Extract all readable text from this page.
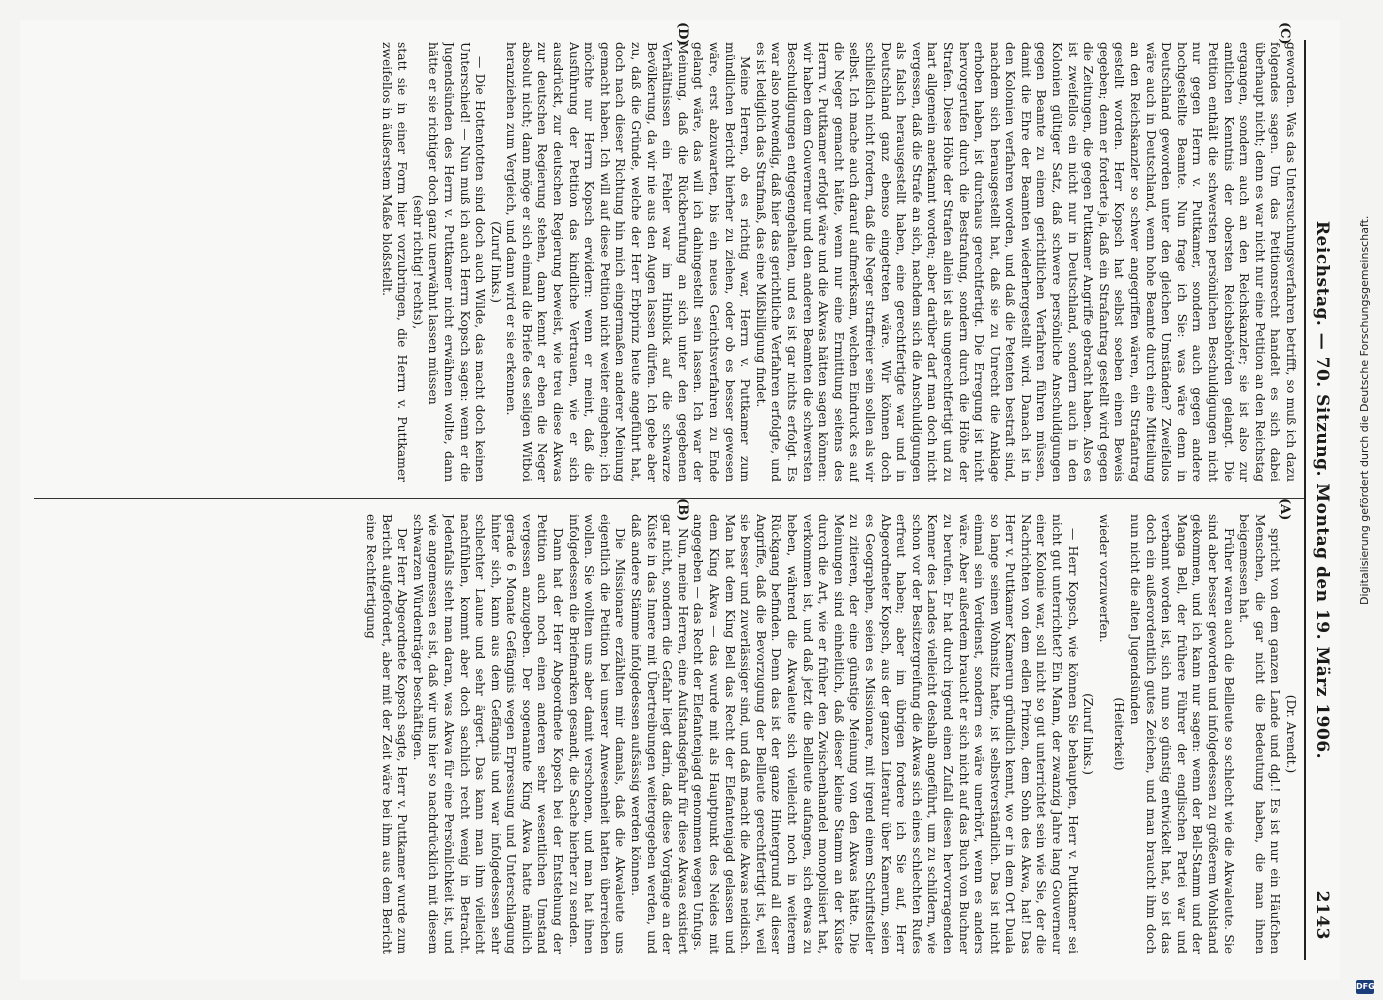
Reichstag. — 70. Sitzung. Montag den 19. März 1906.
2143
(A)
(B)
(C)
(D)

(Dr. Arendt.)

spricht von dem ganzen Lande und dgl.! Es ist nur ein Häufchen Menschen, die gar nicht die Bedeutung haben, die man ihnen beigemessen hat.

Früher waren auch die Bellleute so schlecht wie die Akwaleute. Sie sind aber besser geworden und infolgedessen zu größerem Wohlstand gekommen, und ich kann nur sagen: wenn der Bell-Stamm und der Manga Bell, der frühere Führer der englischen Partei war und verbannt worden ist, sich nun so günstig entwickelt hat, so ist das doch ein außerordentlich gutes Zeichen, und man braucht ihm doch nun nicht die alten Jugendsünden

(Heiterkeit)

wieder vorzuwerfen.

(Zuruf links.)

— Herr Kopsch, wie können Sie behaupten, Herr v. Puttkamer sei nicht gut unterrichtet? Ein Mann, der zwanzig Jahre lang Gouverneur einer Kolonie war, soll nicht so gut unterrichtet sein wie Sie, der die Nachrichten von dem edlen Prinzen, dem Sohn des Akwa, hat! Das Herr v. Puttkamer Kamerun gründlich kennt, wo er in dem Ort Duala so lange seinen Wohnsitz hatte, ist selbstverständlich. Das ist nicht einmal sein Verdienst, sondern es wäre unerhört, wenn es anders wäre. Aber außerdem braucht er sich nicht auf das Buch von Buchner zu berufen. Er hat durch irgend einen Zufall diesen hervorragenden Kenner des Landes vielleicht deshalb angeführt, um zu schildern, wie schon vor der Besitzergreifung die Akwas sich eines schlechten Rufes erfreut haben; aber im übrigen fordere ich Sie auf, Herr Abgeordneter Kopsch, aus der ganzen Literatur über Kamerun, seien es Geographen, seien es Missionare, mit irgend einem Schriftsteller zu zitieren, der eine günstige Meinung von den Akwas hätte. Die Meinungen sind einheitlich, daß dieser kleine Stamm an der Küste durch die Art, wie er früher den Zwischenhandel monopolisiert hat, verkommen ist, und daß jetzt die Bellleute aufangen, sich etwas zu heben, während die Akwaleute sich vielleicht noch in weiterem Rückgang befinden. Denn das ist der ganze Hintergrund all dieser Angriffe, daß die Bevorzugung der Bellleute gerechtfertigt ist, weil sie besser und zuverlässiger sind, und daß macht die Akwas neidisch. Man hat dem King Bell das Recht der Elefantenjagd gelassen und dem King Akwa — das wurde mit als Hauptpunkt des Neides mit angegeben — das Recht der Elefantenjagd genommen wegen Unfugs.

Nun, meine Herren, eine Aufstandsgefahr für diese Akwas existiert gar nicht, sondern die Gefahr liegt darin, daß diese Vorgänge an der Küste in das Innere mit Übertreibungen weitergegeben werden, und daß andere Stämme infolgedessen aufsässig werden können.

Die Missionare erzählten mir damals, daß die Akwaleute uns eigentlich die Petition bei unserer Anwesenheit hatten überreichen wollen. Sie wollten uns aber damit verschonen, und man hat ihnen infolgedessen die Briefmarken gesandt, die Sache hierher zu senden.

Dann hat der Herr Abgeordnete Kopsch bei der Entstehung der Petition auch noch einen anderen sehr wesentlichen Umstand vergessen anzugeben. Der sogenannte King Akwa hatte nämlich gerade 6 Monate Gefängnis wegen Erpressung und Unterschlagung hinter sich, kann aus dem Gefängnis und war infolgedessen sehr schlechter Laune und sehr ärgert. Das kann man ihm vielleicht nachfühlen, kommt aber doch sachlich recht wenig in Betracht. Jedenfalls steht man daran, was Akwa für eine Persönlichkeit ist, und wie angemessen es ist, daß wir uns hier so nachdrücklich mit diesem schwarzen Würdenträger beschäftigen.

Der Herr Abgeordnete Kopsch sagte, Herr v. Puttkamer wurde zum Bericht aufgefordert, aber mit der Zeit wäre bei ihm aus dem Bericht eine Rechtfertigung

geworden. Was das Untersuchungsverfahren betrifft, so muß ich dazu folgendes sagen. Um das Petitionsrecht handelt es sich dabei überhaupt nicht; denn es war nicht nur eine Petition an den Reichstag ergangen, sondern auch an den Reichskanzler; sie ist also zur amtlichen Kenntnis der obersten Reichsbehörden gelangt. Die Petition enthält die schwersten persönlichen Beschuldigungen nicht nur gegen Herrn v. Puttkamer, sondern auch gegen andere hochgestellte Beamte. Nun frage ich Sie: was wäre denn in Deutschland geworden unter den gleichen Umständen? Zweifellos wäre auch in Deutschland, wenn hohe Beamte durch eine Mitteilung an den Reichskanzler so schwer angegriffen wären, ein Strafantrag gestellt worden. Herr Kopsch hat selbst soeben einen Beweis gegeben; denn er forderte ja, daß ein Strafantrag gestellt wird gegen die Zeitungen, die gegen Puttkamer Angriffe gebracht haben. Also es ist zweifellos ein nicht nur in Deutschland, sondern auch in den Kolonien gültiger Satz, daß schwere persönliche Anschuldigungen gegen Beamte zu einem gerichtlichen Verfahren führen müssen, damit die Ehre der Beamten wiederhergestellt wird. Danach ist in den Kolonien verfahren worden, und daß die Petenten bestraft sind, nachdem sich herausgestellt hat, daß sie zu Unrecht die Anklage erhoben haben, ist durchaus gerechtfertigt. Die Erregung ist nicht hervorgerufen durch die Bestrafung, sondern durch die Höhe der Strafen. Diese Höhe der Strafen allein ist als ungerechtfertigt und zu hart allgemein anerkannt worden; aber darüber darf man doch nicht vergessen, daß die Strafe an sich, nachdem sich die Anschuldigungen als falsch herausgestellt haben, eine gerechtfertigte war und in Deutschland ganz ebenso eingetreten wäre. Wir können doch schließlich nicht fordern, daß die Neger straffreier sein sollen als wir selbst. Ich mache auch darauf aufmerksam, welchen Eindruck es auf die Neger gemacht hätte, wenn nur eine Ermittlung seitens des Herrn v. Puttkamer erfolgt wäre und die Akwas hätten sagen können: wir haben dem Gouverneur und den anderen Beamten die schwersten Beschuldigungen entgegengehalten, und es ist gar nichts erfolgt. Es war also notwendig, daß hier das gerichtliche Verfahren erfolgte, und es ist lediglich das Strafmaß, das eine Mißbilligung findet.

Meine Herren, ob es richtig war, Herrn v. Puttkamer zum mündlichen Bericht hierher zu ziehen, oder ob es besser gewesen wäre, erst abzuwarten, bis ein neues Gerichtsverfahren zu Ende gelangt wäre, das will ich dahingestellt sein lassen. Ich war der Meinung, daß die Rückberufung an sich unter den gegebenen Verhältnissen ein Fehler war im Hinblick auf die schwarze Bevölkerung, da wir nie aus den Augen lassen dürfen. Ich gebe aber zu, daß die Gründe, welche der Herr Erbprinz heute angeführt hat, doch nach dieser Richtung hin mich eingermaßen anderer Meinung gemacht haben. Ich will auf diese Petition nicht weiter eingehen; ich möchte nur Herrn Kopsch erwidern: wenn er meint, daß die Ausführung der Petition das kindliche Vertrauen, wie er sich ausdrückt, zur deutschen Regierung beweist, wie treu diese Akwas zur deutschen Regierung stehen, dann kennt er eben die Neger absolut nicht; dann möge er sich einmal die Briefe des seligen Witboi heranziehen zum Vergleich, und dann wird er sie erkennen.

(Zuruf links.)

— Die Hottentotten sind doch auch Wilde, das macht doch keinen Unterschied! — Nun muß ich auch Herrn Kopsch sagen: wenn er die Jugendsünden des Herrn v. Puttkamer nicht erwähnen wollte, dann hätte er sie richtiger doch ganz unerwähnt lassen müssen

(sehr richtig! rechts),

statt sie in einer Form hier vorzubringen, die Herrn v. Puttkamer zweifellos in äußerstem Maße bloßstellt.

Digitalisierung gefördert durch die Deutsche Forschungsgemeinschaft.
DFG
